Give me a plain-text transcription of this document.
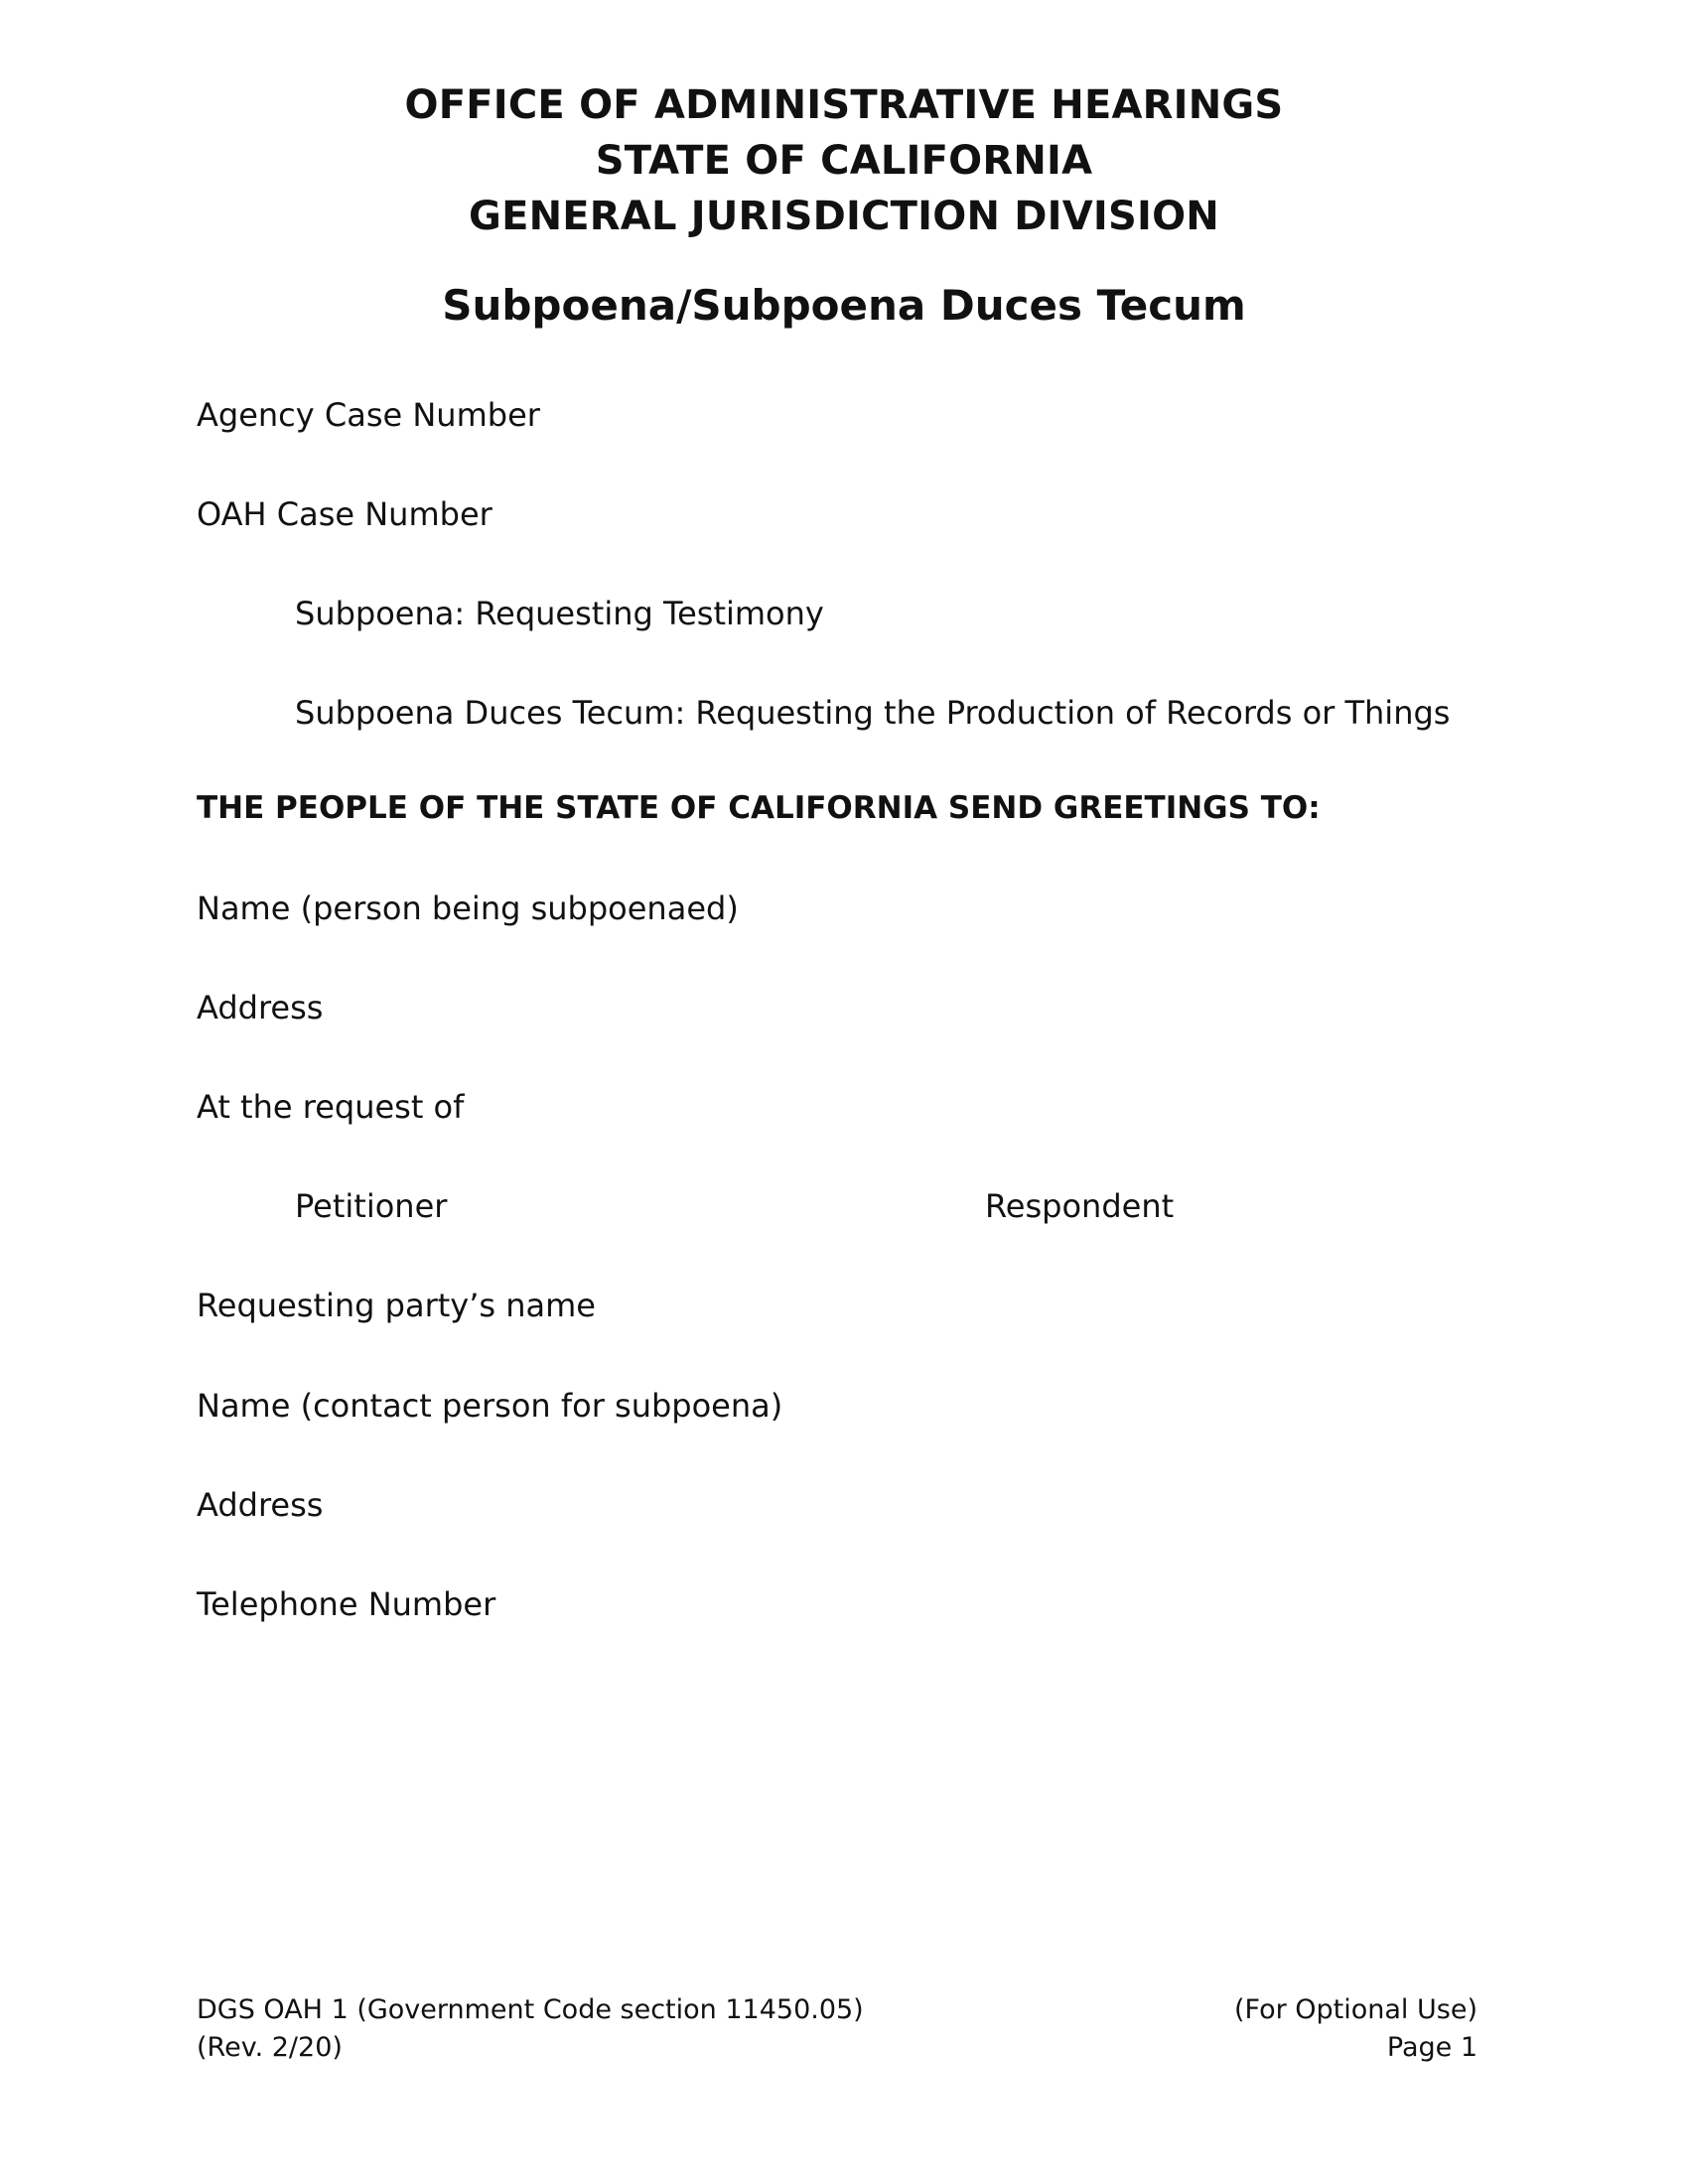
OFFICE OF ADMINISTRATIVE HEARINGS
STATE OF CALIFORNIA
GENERAL JURISDICTION DIVISION
Subpoena/Subpoena Duces Tecum
Agency Case Number
OAH Case Number
Subpoena: Requesting Testimony
Subpoena Duces Tecum: Requesting the Production of Records or Things
THE PEOPLE OF THE STATE OF CALIFORNIA SEND GREETINGS TO:
Name (person being subpoenaed)
Address
At the request of
Petitioner	Respondent
Requesting party’s name
Name (contact person for subpoena)
Address
Telephone Number
DGS OAH 1 (Government Code section 11450.05)
(Rev. 2/20)
(For Optional Use)
Page 1
